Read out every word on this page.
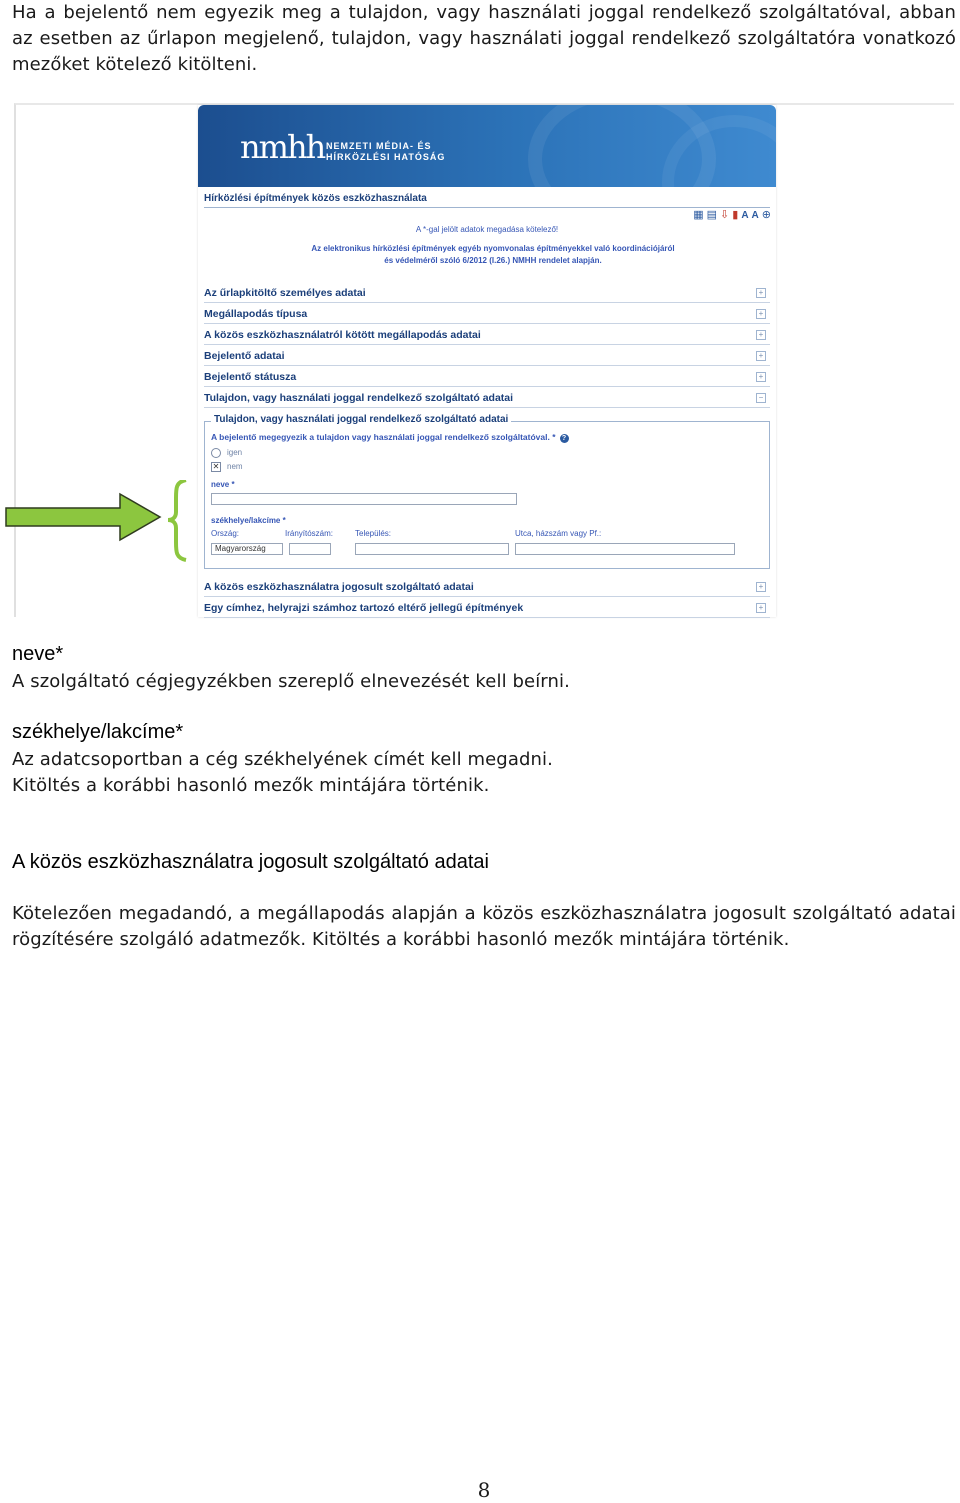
Ha a bejelentő nem egyezik meg a tulajdon, vagy használati joggal rendelkező szolgáltatóval, abban az esetben az űrlapon megjelenő, tulajdon, vagy használati joggal rendelkező szolgáltatóra vonatkozó mezőket kötelező kitölteni.

nmhh NEMZETI MÉDIA- ÉS
HÍRKÖZLÉSI HATÓSÁG
Hírközlési építmények közös eszközhasználata
▦▤⇩▮AA⊕
A *-gal jelölt adatok megadása kötelező!
Az elektronikus hírközlési építmények egyéb nyomvonalas építményekkel való koordinációjáról
és védelméről szóló 6/2012 (I.26.) NMHH rendelet alapján.
Az űrlapkitöltő személyes adatai	+
Megállapodás típusa	+
A közös eszközhasználatról kötött megállapodás adatai	+
Bejelentő adatai	+
Bejelentő státusza	+
Tulajdon, vagy használati joggal rendelkező szolgáltató adatai	−
Tulajdon, vagy használati joggal rendelkező szolgáltató adatai
A bejelentő megegyezik a tulajdon vagy használati joggal rendelkező szolgáltatóval. * ?
igen
✕ nem
neve *
székhelye/lakcíme *
Ország:	Irányítószám:	Település:	Utca, házszám vagy Pf.:
Magyarország
A közös eszközhasználatra jogosult szolgáltató adatai	+
Egy címhez, helyrajzi számhoz tartozó eltérő jellegű építmények	+
neve*
A szolgáltató cégjegyzékben szereplő elnevezését kell beírni.
székhelye/lakcíme*
Az adatcsoportban a cég székhelyének címét kell megadni.
Kitöltés a korábbi hasonló mezők mintájára történik.
A közös eszközhasználatra jogosult szolgáltató adatai
Kötelezően megadandó, a megállapodás alapján a közös eszközhasználatra jogosult szolgáltató adatai rögzítésére szolgáló adatmezők. Kitöltés a korábbi hasonló mezők mintájára történik.
8
